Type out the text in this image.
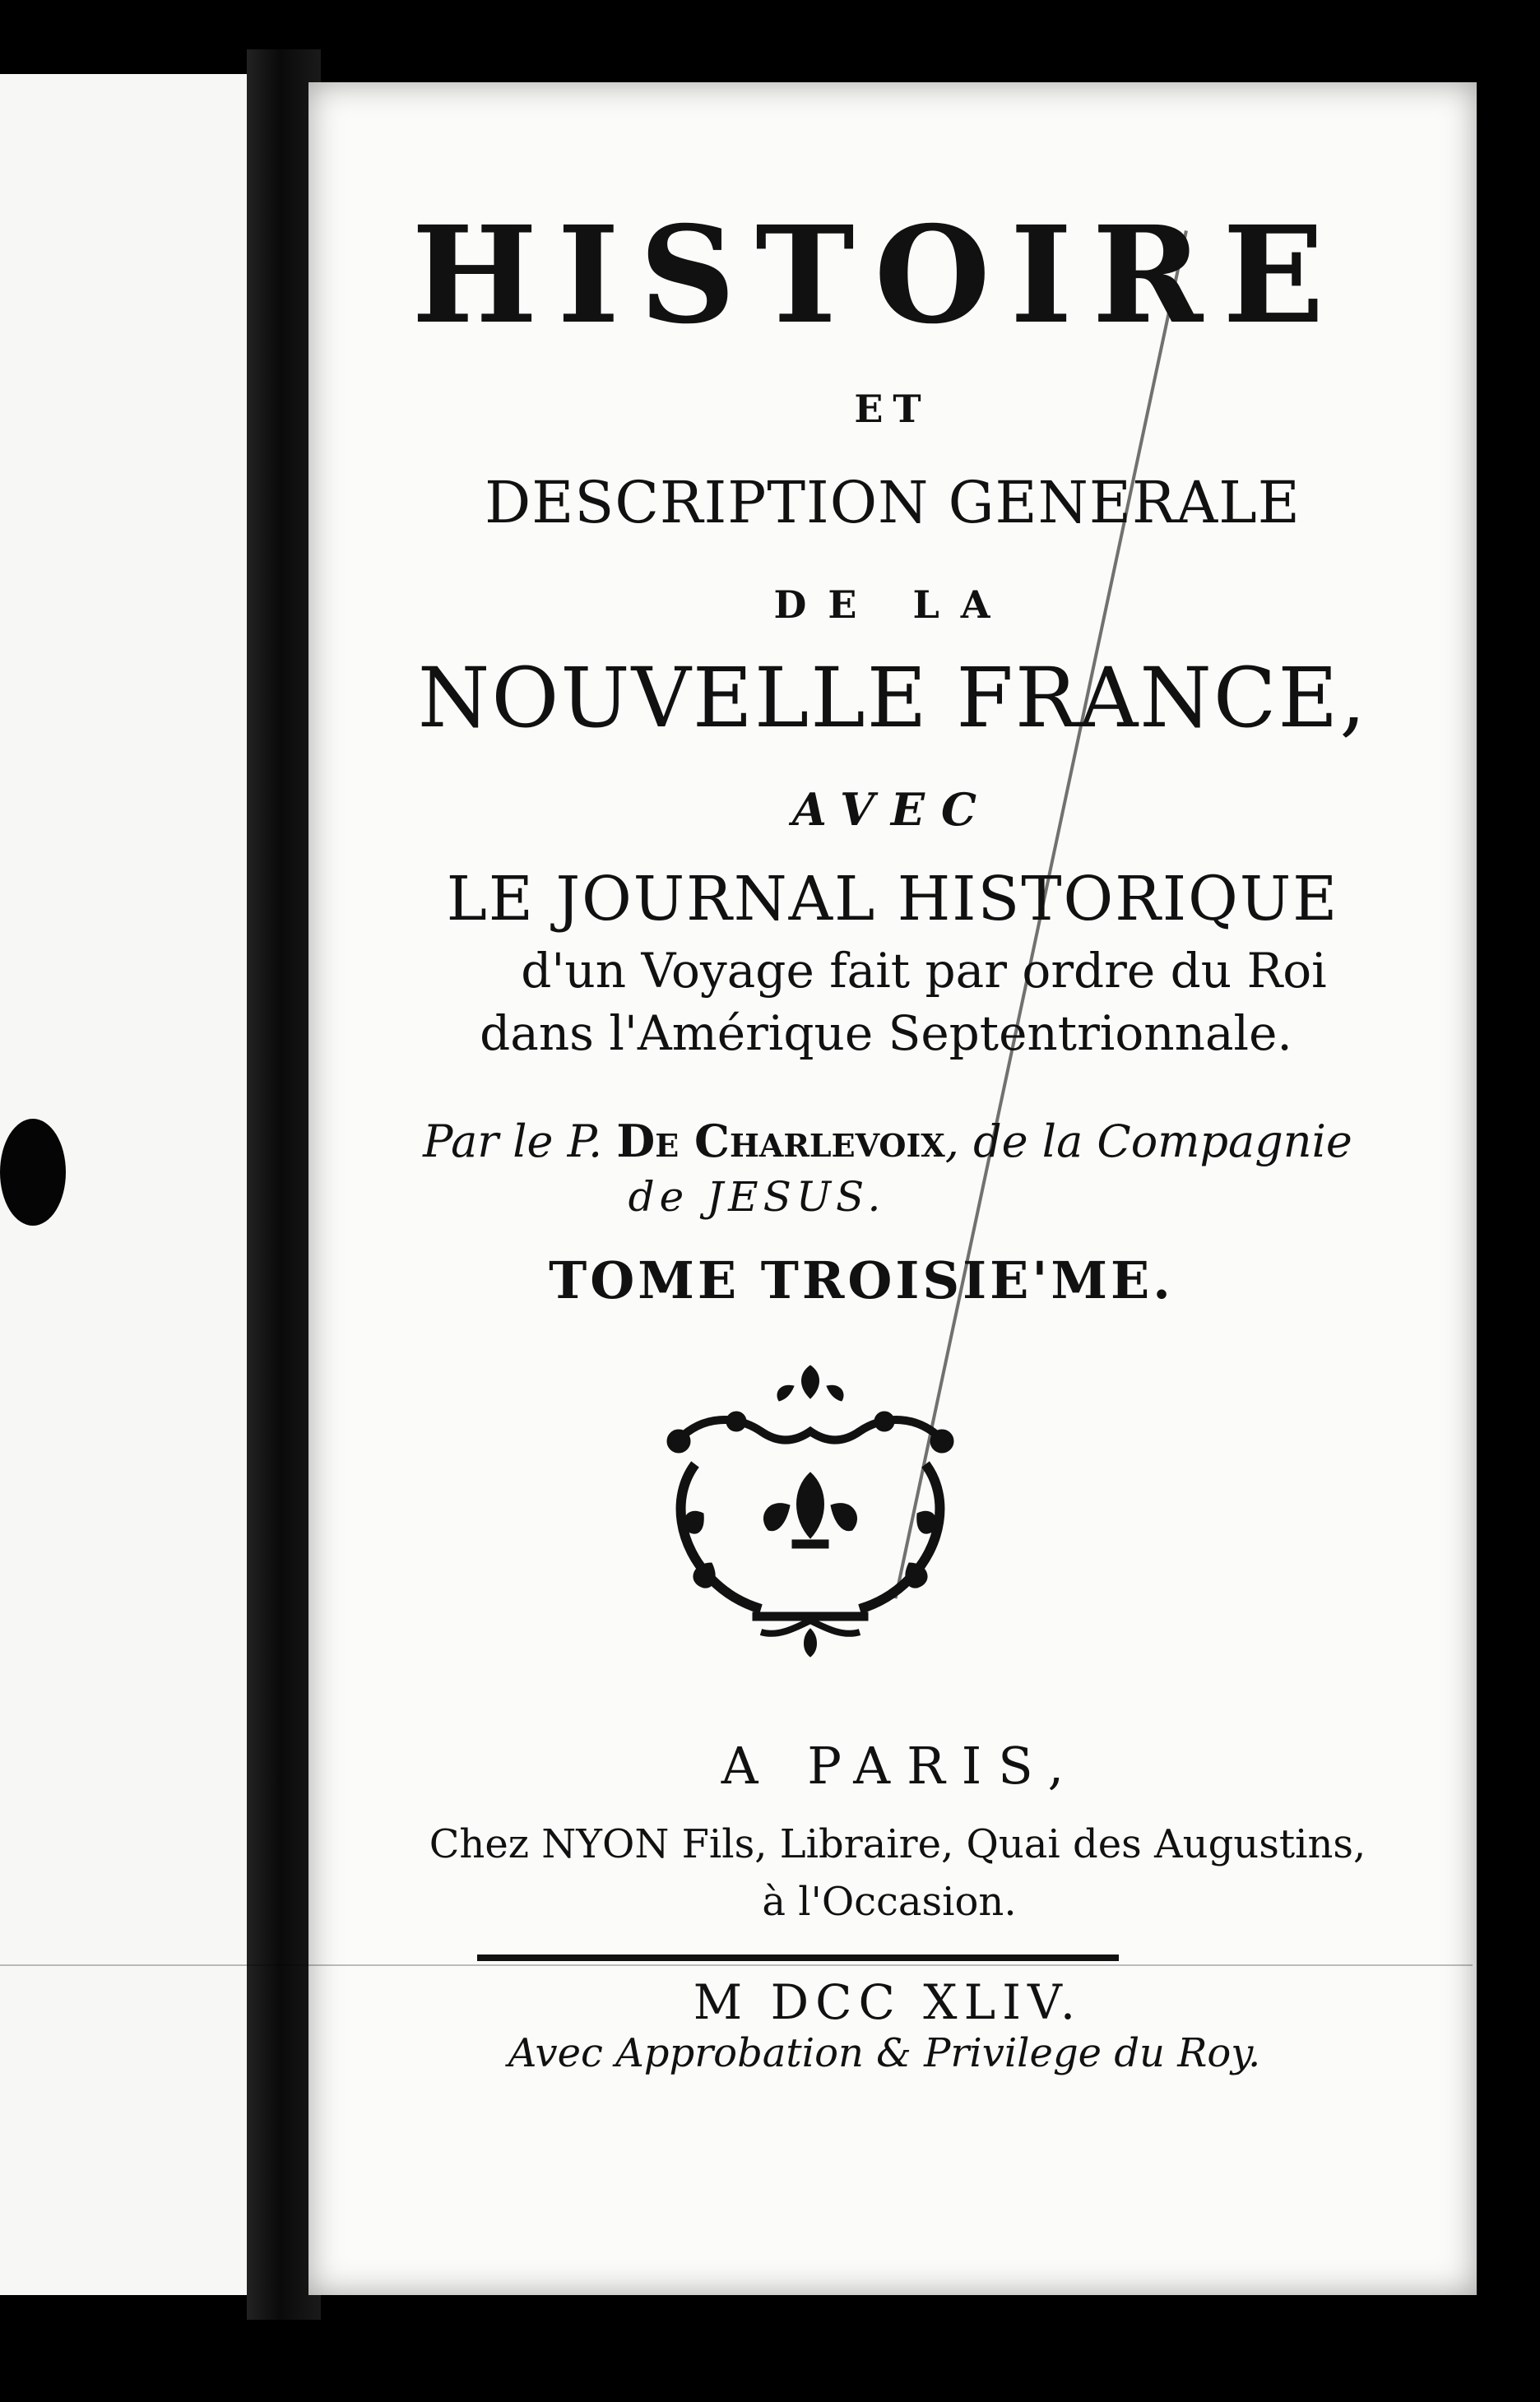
HISTOIRE
ET
DESCRIPTION GENERALE
DE LA
NOUVELLE FRANCE,
AVEC
LE JOURNAL HISTORIQUE
d'un Voyage fait par ordre du Roi
dans l'Amérique Septentrionnale.
Par le P. De Charlevoix, de la Compagnie
de JESUS.
TOME TROISIE'ME.
A PARIS,
Chez NYON Fils, Libraire, Quai des Augustins,
à l'Occasion.
M DCC XLIV.
Avec Approbation & Privilege du Roy.
